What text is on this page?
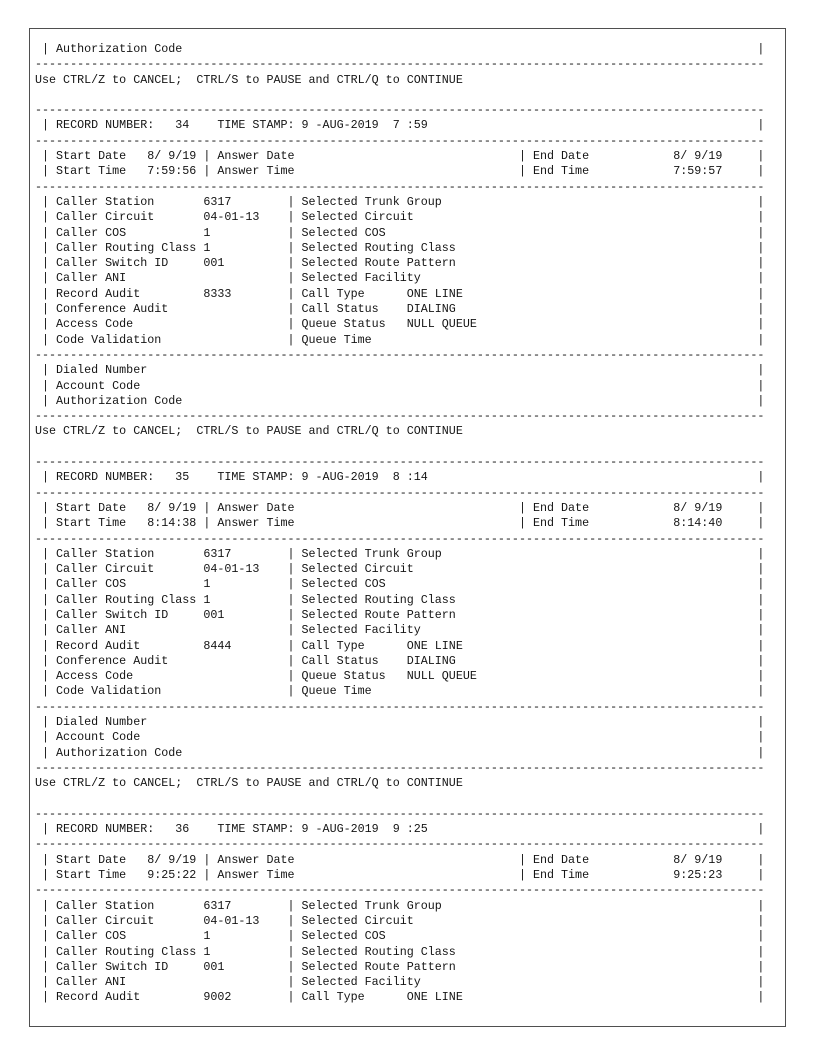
| Authorization Code                                                                                  |
--------------------------------------------------------------------------------------------------------
Use CTRL/Z to CANCEL;  CTRL/S to PAUSE and CTRL/Q to CONTINUE

--------------------------------------------------------------------------------------------------------
| RECORD NUMBER:   34    TIME STAMP: 9 -AUG-2019  7 :59                                               |
--------------------------------------------------------------------------------------------------------
| Start Date   8/ 9/19 | Answer Date                                | End Date            8/ 9/19     |
| Start Time   7:59:56 | Answer Time                                | End Time            7:59:57     |
--------------------------------------------------------------------------------------------------------
| Caller Station       6317        | Selected Trunk Group                                             |
| Caller Circuit       04-01-13    | Selected Circuit                                                 |
| Caller COS           1           | Selected COS                                                     |
| Caller Routing Class 1           | Selected Routing Class                                           |
| Caller Switch ID     001         | Selected Route Pattern                                           |
| Caller ANI                       | Selected Facility                                                |
| Record Audit         8333        | Call Type      ONE LINE                                          |
| Conference Audit                 | Call Status    DIALING                                           |
| Access Code                      | Queue Status   NULL QUEUE                                        |
| Code Validation                  | Queue Time                                                       |
--------------------------------------------------------------------------------------------------------
| Dialed Number                                                                                       |
| Account Code                                                                                        |
| Authorization Code                                                                                  |
--------------------------------------------------------------------------------------------------------
Use CTRL/Z to CANCEL;  CTRL/S to PAUSE and CTRL/Q to CONTINUE

--------------------------------------------------------------------------------------------------------
| RECORD NUMBER:   35    TIME STAMP: 9 -AUG-2019  8 :14                                               |
--------------------------------------------------------------------------------------------------------
| Start Date   8/ 9/19 | Answer Date                                | End Date            8/ 9/19     |
| Start Time   8:14:38 | Answer Time                                | End Time            8:14:40     |
--------------------------------------------------------------------------------------------------------
| Caller Station       6317        | Selected Trunk Group                                             |
| Caller Circuit       04-01-13    | Selected Circuit                                                 |
| Caller COS           1           | Selected COS                                                     |
| Caller Routing Class 1           | Selected Routing Class                                           |
| Caller Switch ID     001         | Selected Route Pattern                                           |
| Caller ANI                       | Selected Facility                                                |
| Record Audit         8444        | Call Type      ONE LINE                                          |
| Conference Audit                 | Call Status    DIALING                                           |
| Access Code                      | Queue Status   NULL QUEUE                                        |
| Code Validation                  | Queue Time                                                       |
--------------------------------------------------------------------------------------------------------
| Dialed Number                                                                                       |
| Account Code                                                                                        |
| Authorization Code                                                                                  |
--------------------------------------------------------------------------------------------------------
Use CTRL/Z to CANCEL;  CTRL/S to PAUSE and CTRL/Q to CONTINUE

--------------------------------------------------------------------------------------------------------
| RECORD NUMBER:   36    TIME STAMP: 9 -AUG-2019  9 :25                                               |
--------------------------------------------------------------------------------------------------------
| Start Date   8/ 9/19 | Answer Date                                | End Date            8/ 9/19     |
| Start Time   9:25:22 | Answer Time                                | End Time            9:25:23     |
--------------------------------------------------------------------------------------------------------
| Caller Station       6317        | Selected Trunk Group                                             |
| Caller Circuit       04-01-13    | Selected Circuit                                                 |
| Caller COS           1           | Selected COS                                                     |
| Caller Routing Class 1           | Selected Routing Class                                           |
| Caller Switch ID     001         | Selected Route Pattern                                           |
| Caller ANI                       | Selected Facility                                                |
| Record Audit         9002        | Call Type      ONE LINE                                          |
